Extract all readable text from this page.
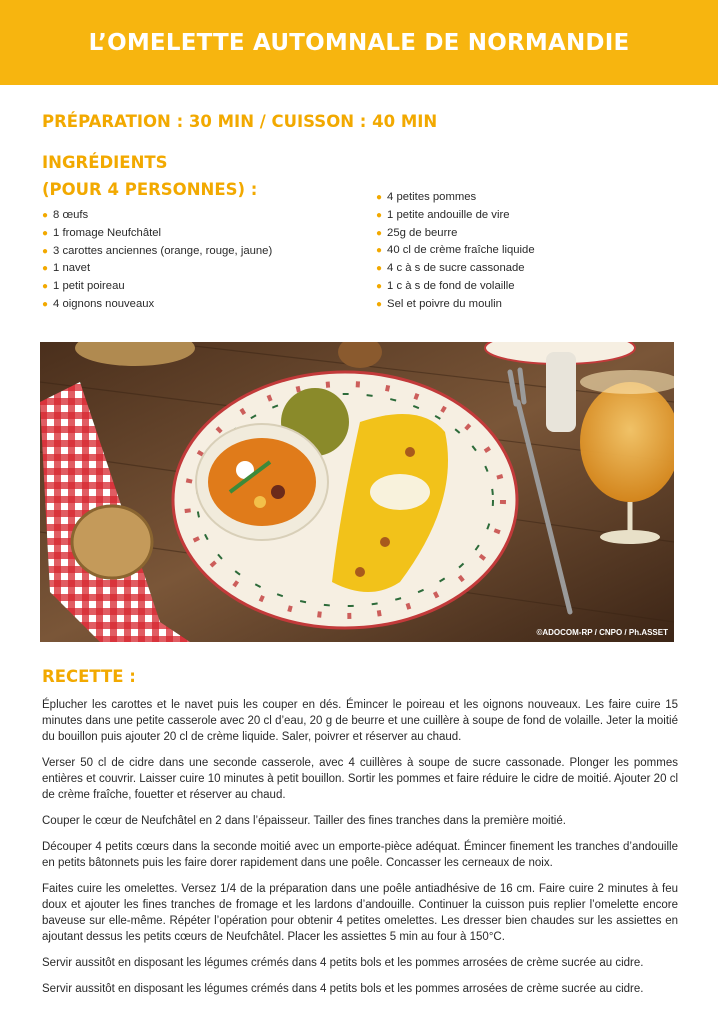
L’OMELETTE AUTOMNALE DE NORMANDIE
PRÉPARATION : 30 MIN / CUISSON : 40 MIN
INGRÉDIENTS
(POUR 4 PERSONNES) :
● 8 œufs
● 1 fromage Neufchâtel
● 3 carottes anciennes (orange, rouge, jaune)
● 1 navet
● 1 petit poireau
● 4 oignons nouveaux
● 4 petites pommes
● 1 petite andouille de vire
● 25g de beurre
● 40 cl de crème fraîche liquide
● 4 c à s de sucre cassonade
● 1 c à s de fond de volaille
● Sel et poivre du moulin
©ADOCOM-RP / CNPO / Ph.ASSET
RECETTE :

Éplucher les carottes et le navet puis les couper en dés. Émincer le poireau et les oignons nouveaux. Les faire cuire 15 minutes dans une petite casserole avec 20 cl d’eau, 20 g de beurre et une cuillère à soupe de fond de volaille. Jeter la moitié du bouillon puis ajouter 20 cl de crème liquide. Saler, poivrer et réserver au chaud.

Verser 50 cl de cidre dans une seconde casserole, avec 4 cuillères à soupe de sucre cassonade. Plonger les pommes entières et couvrir. Laisser cuire 10 minutes à petit bouillon. Sortir les pommes et faire réduire le cidre de moitié. Ajouter 20 cl de crème fraîche, fouetter et réserver au chaud.

Couper le cœur de Neufchâtel en 2 dans l’épaisseur. Tailler des fines tranches dans la première moitié.

Découper 4 petits cœurs dans la seconde moitié avec un emporte-pièce adéquat. Émincer finement les tranches d’andouille en petits bâtonnets puis les faire dorer rapidement dans une poêle. Concasser les cerneaux de noix.

Faites cuire les omelettes. Versez 1/4 de la préparation dans une poêle antiadhésive de 16 cm. Faire cuire 2 minutes à feu doux et ajouter les fines tranches de fromage et les lardons d’andouille. Continuer la cuisson puis replier l’omelette encore baveuse sur elle-même. Répéter l’opération pour obtenir 4 petites omelettes. Les dresser bien chaudes sur les assiettes en ajoutant dessus les petits cœurs de Neufchâtel. Placer les assiettes 5 min au four à 150°C.

Servir aussitôt en disposant les légumes crémés dans 4 petits bols et les pommes arrosées de crème sucrée au cidre.

Servir aussitôt en disposant les légumes crémés dans 4 petits bols et les pommes arrosées de crème sucrée au cidre.
